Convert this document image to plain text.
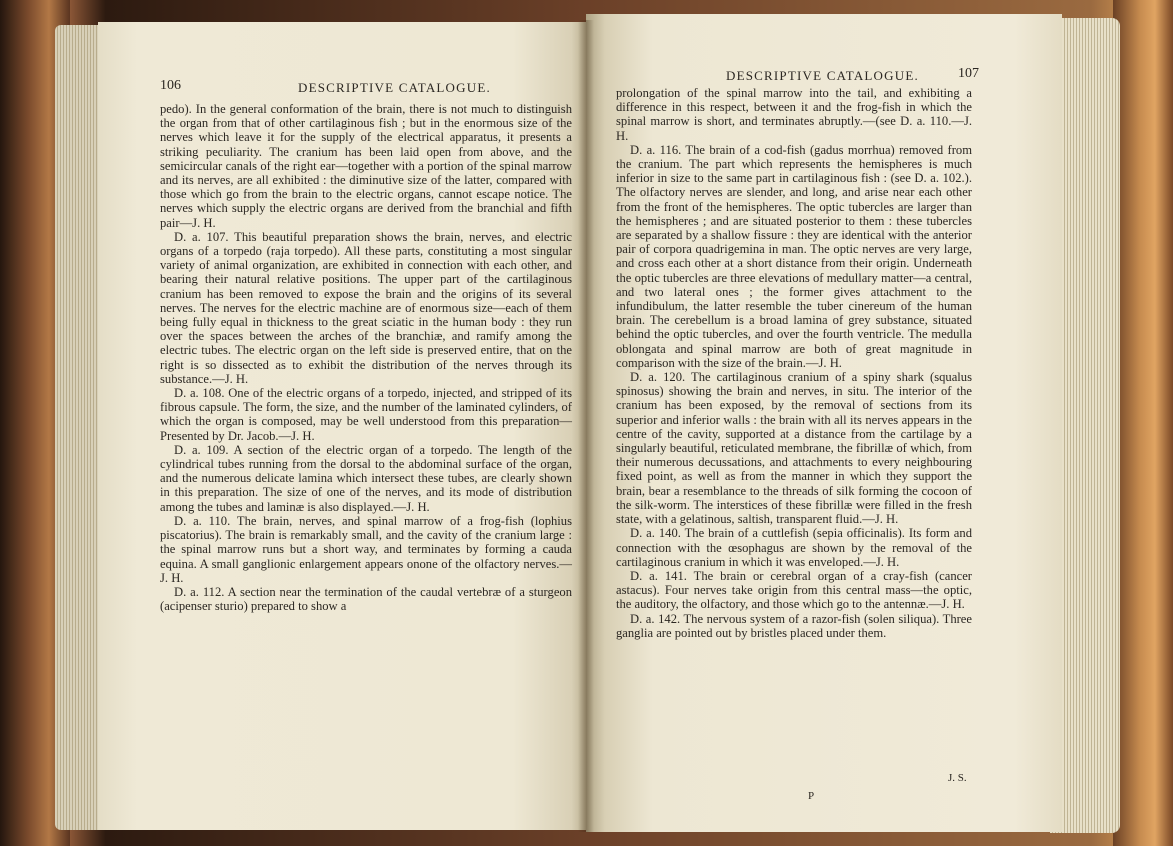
106	DESCRIPTIVE CATALOGUE.

pedo). In the general conformation of the brain, there is not much to distinguish the organ from that of other cartilaginous fish ; but in the enormous size of the nerves which leave it for the supply of the electrical apparatus, it presents a striking peculiarity. The cranium has been laid open from above, and the semicircular canals of the right ear—together with a portion of the spinal marrow and its nerves, are all exhibited : the diminutive size of the latter, compared with those which go from the brain to the electric organs, cannot escape notice. The nerves which supply the electric organs are derived from the branchial and fifth pair—J. H.

D. a. 107. This beautiful preparation shows the brain, nerves, and electric organs of a torpedo (raja torpedo). All these parts, constituting a most singular variety of animal organization, are exhibited in connection with each other, and bearing their natural relative positions. The upper part of the cartilaginous cranium has been removed to expose the brain and the origins of its several nerves. The nerves for the electric machine are of enormous size—each of them being fully equal in thickness to the great sciatic in the human body : they run over the spaces between the arches of the branchiæ, and ramify among the electric tubes. The electric organ on the left side is preserved entire, that on the right is so dissected as to exhibit the distribution of the nerves through its substance.—J. H.

D. a. 108. One of the electric organs of a torpedo, injected, and stripped of its fibrous capsule. The form, the size, and the number of the laminated cylinders, of which the organ is composed, may be well understood from this preparation—Presented by Dr. Jacob.—J. H.

D. a. 109. A section of the electric organ of a torpedo. The length of the cylindrical tubes running from the dorsal to the abdominal surface of the organ, and the numerous delicate lamina which intersect these tubes, are clearly shown in this preparation. The size of one of the nerves, and its mode of distribution among the tubes and laminæ is also displayed.—J. H.

D. a. 110. The brain, nerves, and spinal marrow of a frog-fish (lophius piscatorius). The brain is remarkably small, and the cavity of the cranium large : the spinal marrow runs but a short way, and terminates by forming a cauda equina. A small ganglionic enlargement appears onone of the olfactory nerves.—J. H.

D. a. 112. A section near the termination of the caudal vertebræ of a sturgeon (acipenser sturio) prepared to show a

DESCRIPTIVE CATALOGUE.	107

prolongation of the spinal marrow into the tail, and exhibiting a difference in this respect, between it and the frog-fish in which the spinal marrow is short, and terminates abruptly.—(see D. a. 110.—J. H.

D. a. 116. The brain of a cod-fish (gadus morrhua) removed from the cranium. The part which represents the hemispheres is much inferior in size to the same part in cartilaginous fish : (see D. a. 102.). The olfactory nerves are slender, and long, and arise near each other from the front of the hemispheres. The optic tubercles are larger than the hemispheres ; and are situated posterior to them : these tubercles are separated by a shallow fissure : they are identical with the anterior pair of corpora quadrigemina in man. The optic nerves are very large, and cross each other at a short distance from their origin. Underneath the optic tubercles are three elevations of medullary matter—a central, and two lateral ones ; the former gives attachment to the infundibulum, the latter resemble the tuber cinereum of the human brain. The cerebellum is a broad lamina of grey substance, situated behind the optic tubercles, and over the fourth ventricle. The medulla oblongata and spinal marrow are both of great magnitude in comparison with the size of the brain.—J. H.

D. a. 120. The cartilaginous cranium of a spiny shark (squalus spinosus) showing the brain and nerves, in situ. The interior of the cranium has been exposed, by the removal of sections from its superior and inferior walls : the brain with all its nerves appears in the centre of the cavity, supported at a distance from the cartilage by a singularly beautiful, reticulated membrane, the fibrillæ of which, from their numerous decussations, and attachments to every neighbouring fixed point, as well as from the manner in which they support the brain, bear a resemblance to the threads of silk forming the cocoon of the silk-worm. The interstices of these fibrillæ were filled in the fresh state, with a gelatinous, saltish, transparent fluid.—J. H.

D. a. 140. The brain of a cuttlefish (sepia officinalis). Its form and connection with the œsophagus are shown by the removal of the cartilaginous cranium in which it was enveloped.—J. H.

D. a. 141. The brain or cerebral organ of a cray-fish (cancer astacus). Four nerves take origin from this central mass—the optic, the auditory, the olfactory, and those which go to the antennæ.—J. H.

D. a. 142. The nervous system of a razor-fish (solen siliqua). Three ganglia are pointed out by bristles placed under them.

J. S.
P
